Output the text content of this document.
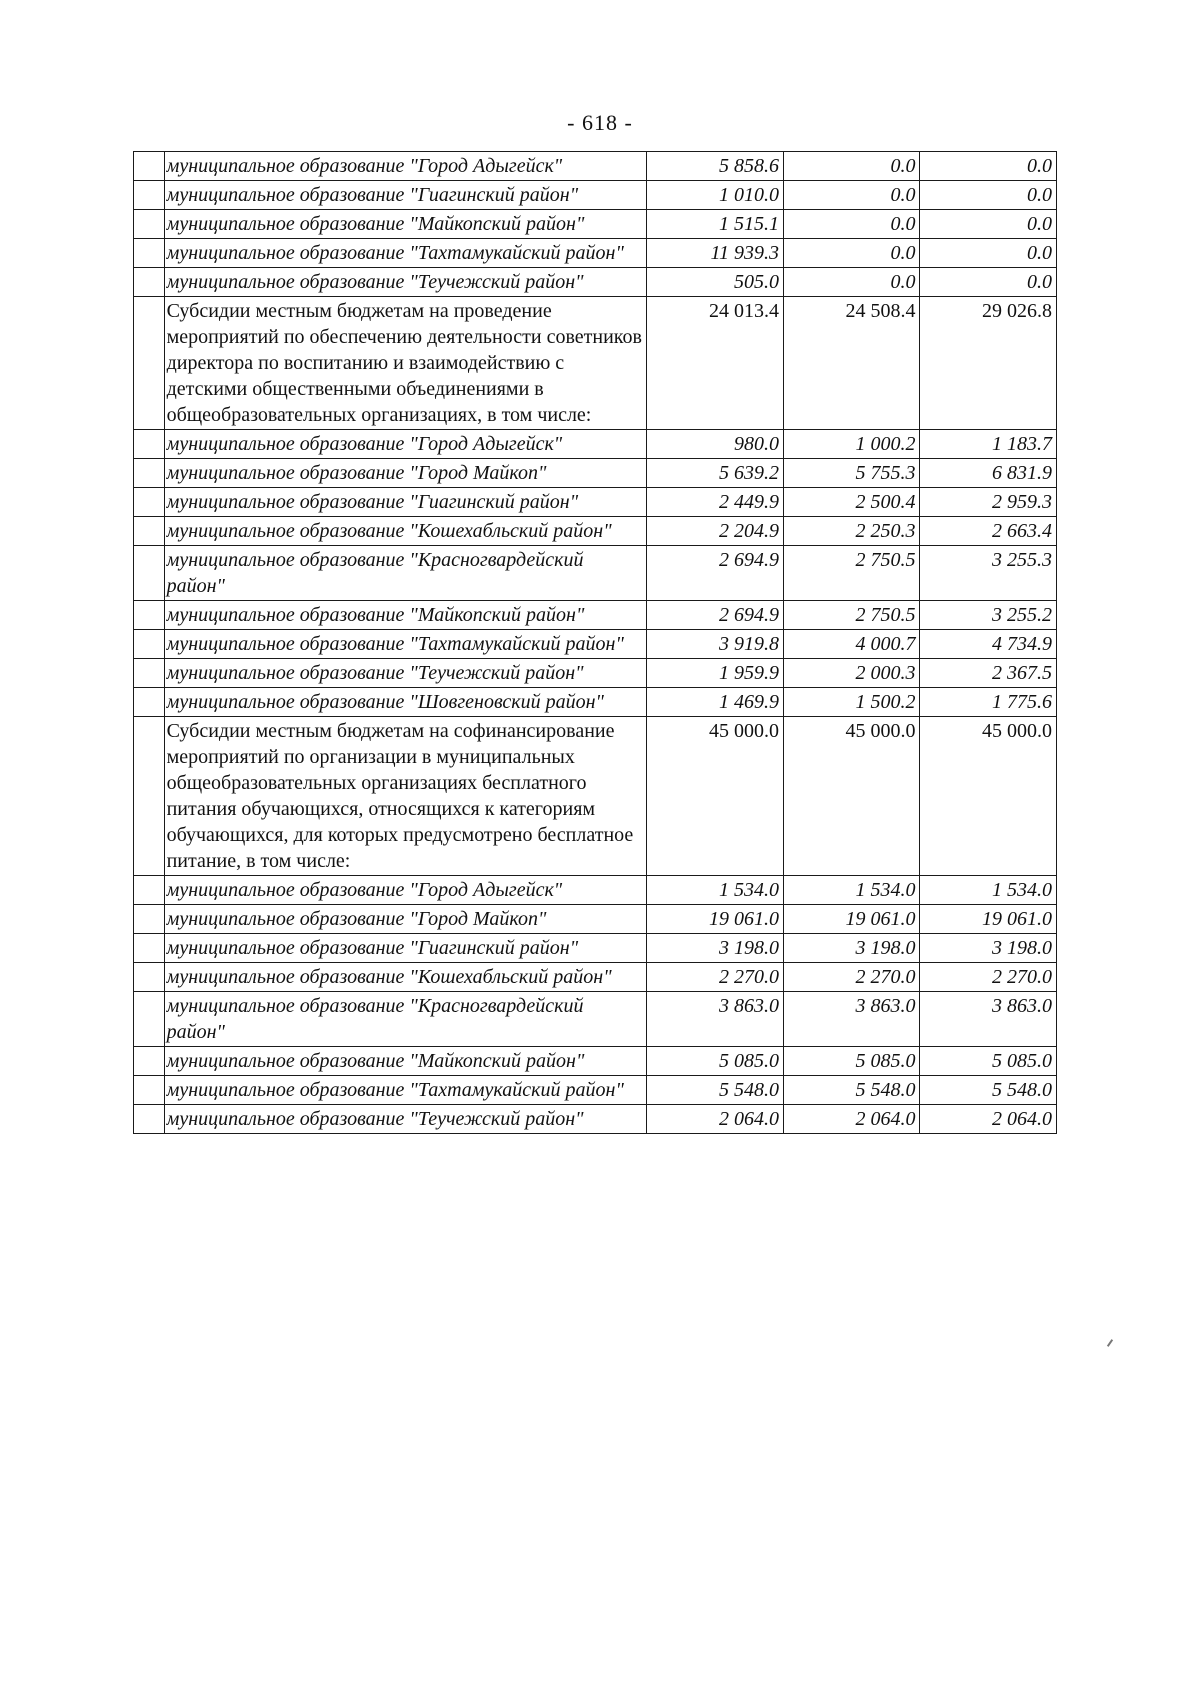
- 618 -
	муниципальное образование "Город Адыгейск"	5 858.6	0.0	0.0
	муниципальное образование "Гиагинский район"	1 010.0	0.0	0.0
	муниципальное образование "Майкопский район"	1 515.1	0.0	0.0
	муниципальное образование "Тахтамукайский район"	11 939.3	0.0	0.0
	муниципальное образование "Теучежский район"	505.0	0.0	0.0
	Субсидии местным бюджетам на проведение мероприятий по обеспечению деятельности советников директора по воспитанию и взаимодействию с детскими общественными объединениями в общеобразовательных организациях, в том числе:	24 013.4	24 508.4	29 026.8
	муниципальное образование "Город Адыгейск"	980.0	1 000.2	1 183.7
	муниципальное образование "Город Майкоп"	5 639.2	5 755.3	6 831.9
	муниципальное образование "Гиагинский район"	2 449.9	2 500.4	2 959.3
	муниципальное образование "Кошехабльский район"	2 204.9	2 250.3	2 663.4
	муниципальное образование "Красногвардейский район"	2 694.9	2 750.5	3 255.3
	муниципальное образование "Майкопский район"	2 694.9	2 750.5	3 255.2
	муниципальное образование "Тахтамукайский район"	3 919.8	4 000.7	4 734.9
	муниципальное образование "Теучежский район"	1 959.9	2 000.3	2 367.5
	муниципальное образование "Шовгеновский район"	1 469.9	1 500.2	1 775.6
	Субсидии местным бюджетам на софинансирование мероприятий по организации в муниципальных общеобразовательных организациях бесплатного питания обучающихся, относящихся к категориям обучающихся, для которых предусмотрено бесплатное питание, в том числе:	45 000.0	45 000.0	45 000.0
	муниципальное образование "Город Адыгейск"	1 534.0	1 534.0	1 534.0
	муниципальное образование "Город Майкоп"	19 061.0	19 061.0	19 061.0
	муниципальное образование "Гиагинский район"	3 198.0	3 198.0	3 198.0
	муниципальное образование "Кошехабльский район"	2 270.0	2 270.0	2 270.0
	муниципальное образование "Красногвардейский район"	3 863.0	3 863.0	3 863.0
	муниципальное образование "Майкопский район"	5 085.0	5 085.0	5 085.0
	муниципальное образование "Тахтамукайский район"	5 548.0	5 548.0	5 548.0
	муниципальное образование "Теучежский район"	2 064.0	2 064.0	2 064.0
